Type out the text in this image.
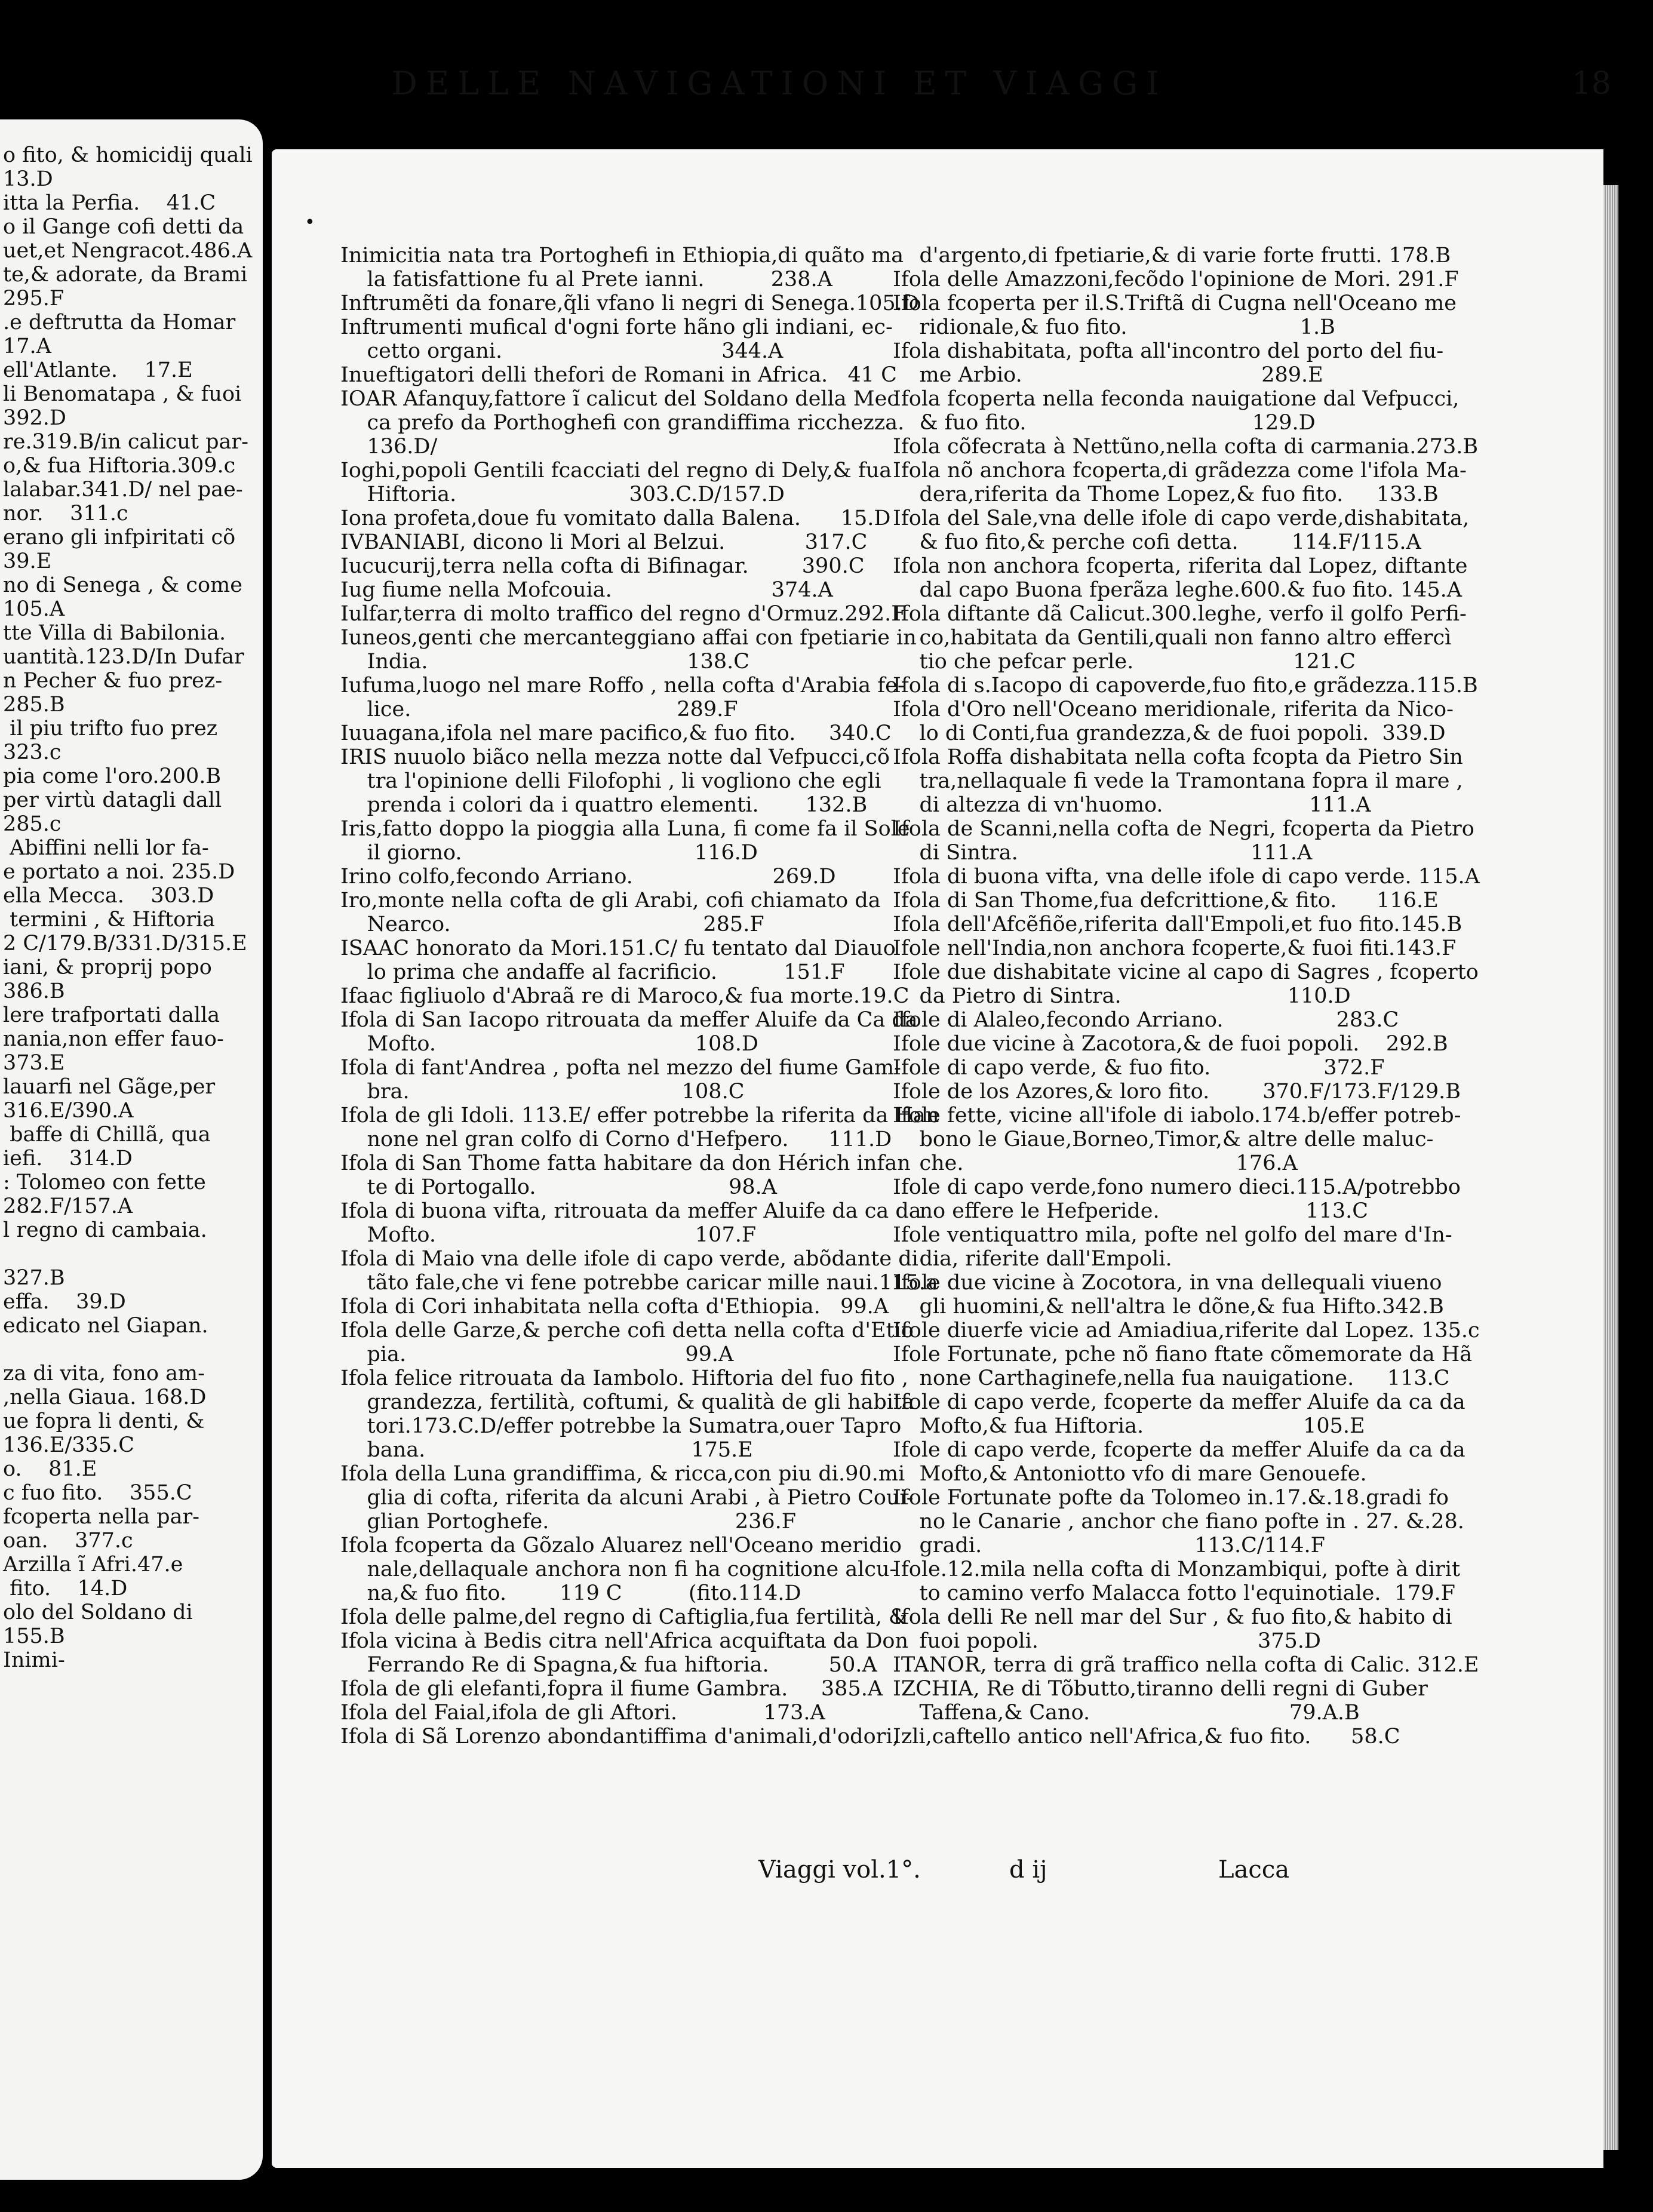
o fito, & homicidij quali
13.D
itta la Perfia.    41.C
o il Gange cofi detti da
uet,et Nengracot.486.A
te,& adorate, da Brami
295.F
.e deftrutta da Homar
17.A
ell'Atlante.    17.E
li Benomatapa , & fuoi
392.D
re.319.B/in calicut par-
o,& fua Hiftoria.309.c
lalabar.341.D/ nel pae-
nor.    311.c
erano gli infpiritati cõ
39.E
no di Senega , & come
105.A
tte Villa di Babilonia.
uantità.123.D/In Dufar
n Pecher & fuo prez-
285.B
il piu trifto fuo prez
323.c
pia come l'oro.200.B
per virtù datagli dall
285.c
Abiffini nelli lor fa-
e portato a noi. 235.D
ella Mecca.    303.D
termini , & Hiftoria
2 C/179.B/331.D/315.E
iani, & proprij popo
386.B
lere trafportati dalla
nania,non effer fauo-
373.E
lauarfi nel Gãge,per
316.E/390.A
baffe di Chillã, qua
iefi.    314.D
: Tolomeo con fette
282.F/157.A
l regno di cambaia.
327.B
effa.    39.D
edicato nel Giapan.
za di vita, fono am-
,nella Giaua. 168.D
ue fopra li denti, &
136.E/335.C
o.    81.E
c fuo fito.    355.C
fcoperta nella par-
oan.    377.c
Arzilla ĩ Afri.47.e
fito.    14.D
olo del Soldano di
155.B
Inimi-
•
Inimicitia nata tra Portoghefi in Ethiopia,di quãto ma
la fatisfattione fu al Prete ianni.          238.A
Inftrumẽti da fonare,q̃li vfano li negri di Senega.105.D
Inftrumenti mufical d'ogni forte hãno gli indiani, ec-
cetto organi.                                 344.A
Inueftigatori delli thefori de Romani in Africa.   41 C
IOAR Afanquy,fattore ĩ calicut del Soldano della Mec
ca prefo da Porthoghefi con grandiffima ricchezza.
136.D/
Ioghi,popoli Gentili fcacciati del regno di Dely,& fua
Hiftoria.                          303.C.D/157.D
Iona profeta,doue fu vomitato dalla Balena.      15.D
IVBANIABI, dicono li Mori al Belzui.            317.C
Iucucurij,terra nella cofta di Bifinagar.        390.C
Iug fiume nella Mofcouia.                        374.A
Iulfar,terra di molto traffico del regno d'Ormuz.292.F
Iuneos,genti che mercanteggiano affai con fpetiarie in
India.                                       138.C
Iufuma,luogo nel mare Roffo , nella cofta d'Arabia fe-
lice.                                        289.F
Iuuagana,ifola nel mare pacifico,& fuo fito.     340.C
IRIS nuuolo biãco nella mezza notte dal Vefpucci,cõ
tra l'opinione delli Filofophi , li vogliono che egli
prenda i colori da i quattro elementi.       132.B
Iris,fatto doppo la pioggia alla Luna, fi come fa il Sole
il giorno.                                   116.D
Irino colfo,fecondo Arriano.                     269.D
Iro,monte nella cofta de gli Arabi, cofi chiamato da
Nearco.                                      285.F
ISAAC honorato da Mori.151.C/ fu tentato dal Diauo
lo prima che andaffe al facrificio.          151.F
Ifaac figliuolo d'Abraã re di Maroco,& fua morte.19.C
Ifola di San Iacopo ritrouata da meffer Aluife da Ca da
Mofto.                                       108.D
Ifola di fant'Andrea , pofta nel mezzo del fiume Gam-
bra.                                         108.C
Ifola de gli Idoli. 113.E/ effer potrebbe la riferita da Han
none nel gran colfo di Corno d'Hefpero.      111.D
Ifola di San Thome fatta habitare da don Hérich infan
te di Portogallo.                             98.A
Ifola di buona vifta, ritrouata da meffer Aluife da ca da
Mofto.                                       107.F
Ifola di Maio vna delle ifole di capo verde, abõdante di
tãto fale,che vi fene potrebbe caricar mille naui.115.a
Ifola di Cori inhabitata nella cofta d'Ethiopia.   99.A
Ifola delle Garze,& perche cofi detta nella cofta d'Etio
pia.                                          99.A
Ifola felice ritrouata da Iambolo. Hiftoria del fuo fito ,
grandezza, fertilità, coftumi, & qualità de gli habita
tori.173.C.D/effer potrebbe la Sumatra,ouer Tapro
bana.                                        175.E
Ifola della Luna grandiffima, & ricca,con piu di.90.mi
glia di cofta, riferita da alcuni Arabi , à Pietro Coui-
glian Portoghefe.                            236.F
Ifola fcoperta da Gõzalo Aluarez nell'Oceano meridio
nale,dellaquale anchora non fi ha cognitione alcu-
na,& fuo fito.        119 C          (fito.114.D
Ifola delle palme,del regno di Caftiglia,fua fertilità, &
Ifola vicina à Bedis citra nell'Africa acquiftata da Don
Ferrando Re di Spagna,& fua hiftoria.         50.A
Ifola de gli elefanti,fopra il fiume Gambra.     385.A
Ifola del Faial,ifola de gli Aftori.             173.A
Ifola di Sã Lorenzo abondantiffima d'animali,d'odori,
d'argento,di fpetiarie,& di varie forte frutti. 178.B
Ifola delle Amazzoni,fecõdo l'opinione de Mori. 291.F
Ifola fcoperta per il.S.Triftã di Cugna nell'Oceano me
ridionale,& fuo fito.                          1.B
Ifola dishabitata, pofta all'incontro del porto del fiu-
me Arbio.                                    289.E
Ifola fcoperta nella feconda nauigatione dal Vefpucci,
& fuo fito.                                  129.D
Ifola cõfecrata à Nettũno,nella cofta di carmania.273.B
Ifola nõ anchora fcoperta,di grãdezza come l'ifola Ma-
dera,riferita da Thome Lopez,& fuo fito.     133.B
Ifola del Sale,vna delle ifole di capo verde,dishabitata,
& fuo fito,& perche cofi detta.        114.F/115.A
Ifola non anchora fcoperta, riferita dal Lopez, diftante
dal capo Buona fperãza leghe.600.& fuo fito. 145.A
Ifola diftante dã Calicut.300.leghe, verfo il golfo Perfi-
co,habitata da Gentili,quali non fanno altro effercì
tio che pefcar perle.                        121.C
Ifola di s.Iacopo di capoverde,fuo fito,e grãdezza.115.B
Ifola d'Oro nell'Oceano meridionale, riferita da Nico-
lo di Conti,fua grandezza,& de fuoi popoli.  339.D
Ifola Roffa dishabitata nella cofta fcopta da Pietro Sin
tra,nellaquale fi vede la Tramontana fopra il mare ,
di altezza di vn'huomo.                      111.A
Ifola de Scanni,nella cofta de Negri, fcoperta da Pietro
di Sintra.                                   111.A
Ifola di buona vifta, vna delle ifole di capo verde. 115.A
Ifola di San Thome,fua defcrittione,& fito.      116.E
Ifola dell'Afcẽfiõe,riferita dall'Empoli,et fuo fito.145.B
Ifole nell'India,non anchora fcoperte,& fuoi fiti.143.F
Ifole due dishabitate vicine al capo di Sagres , fcoperto
da Pietro di Sintra.                         110.D
Ifole di Alaleo,fecondo Arriano.                 283.C
Ifole due vicine à Zacotora,& de fuoi popoli.    292.B
Ifole di capo verde, & fuo fito.                 372.F
Ifole de los Azores,& loro fito.        370.F/173.F/129.B
Ifole fette, vicine all'ifole di iabolo.174.b/effer potreb-
bono le Giaue,Borneo,Timor,& altre delle maluc-
che.                                         176.A
Ifole di capo verde,fono numero dieci.115.A/potrebbo
no effere le Hefperide.                      113.C
Ifole ventiquattro mila, pofte nel golfo del mare d'In-
dia, riferite dall'Empoli.
Ifole due vicine à Zocotora, in vna dellequali viueno
gli huomini,& nell'altra le dõne,& fua Hifto.342.B
Ifole diuerfe vicie ad Amiadiua,riferite dal Lopez. 135.c
Ifole Fortunate, pche nõ fiano ftate cõmemorate da Hã
none Carthaginefe,nella fua nauigatione.     113.C
Ifole di capo verde, fcoperte da meffer Aluife da ca da
Mofto,& fua Hiftoria.                        105.E
Ifole di capo verde, fcoperte da meffer Aluife da ca da
Mofto,& Antoniotto vfo di mare Genouefe.
Ifole Fortunate pofte da Tolomeo in.17.&.18.gradi fo
no le Canarie , anchor che fiano pofte in . 27. &.28.
gradi.                                113.C/114.F
Ifole.12.mila nella cofta di Monzambiqui, pofte à dirit
to camino verfo Malacca fotto l'equinotiale.  179.F
Ifola delli Re nell mar del Sur , & fuo fito,& habito di
fuoi popoli.                                 375.D
ITANOR, terra di grã traffico nella cofta di Calic. 312.E
IZCHIA, Re di Tõbutto,tiranno delli regni di Guber
Taffena,& Cano.                              79.A.B
Izli,caftello antico nell'Africa,& fuo fito.      58.C
DELLE NAVIGATIONI ET VIAGGI	18
Viaggi vol.1°.	d ij	Lacca
